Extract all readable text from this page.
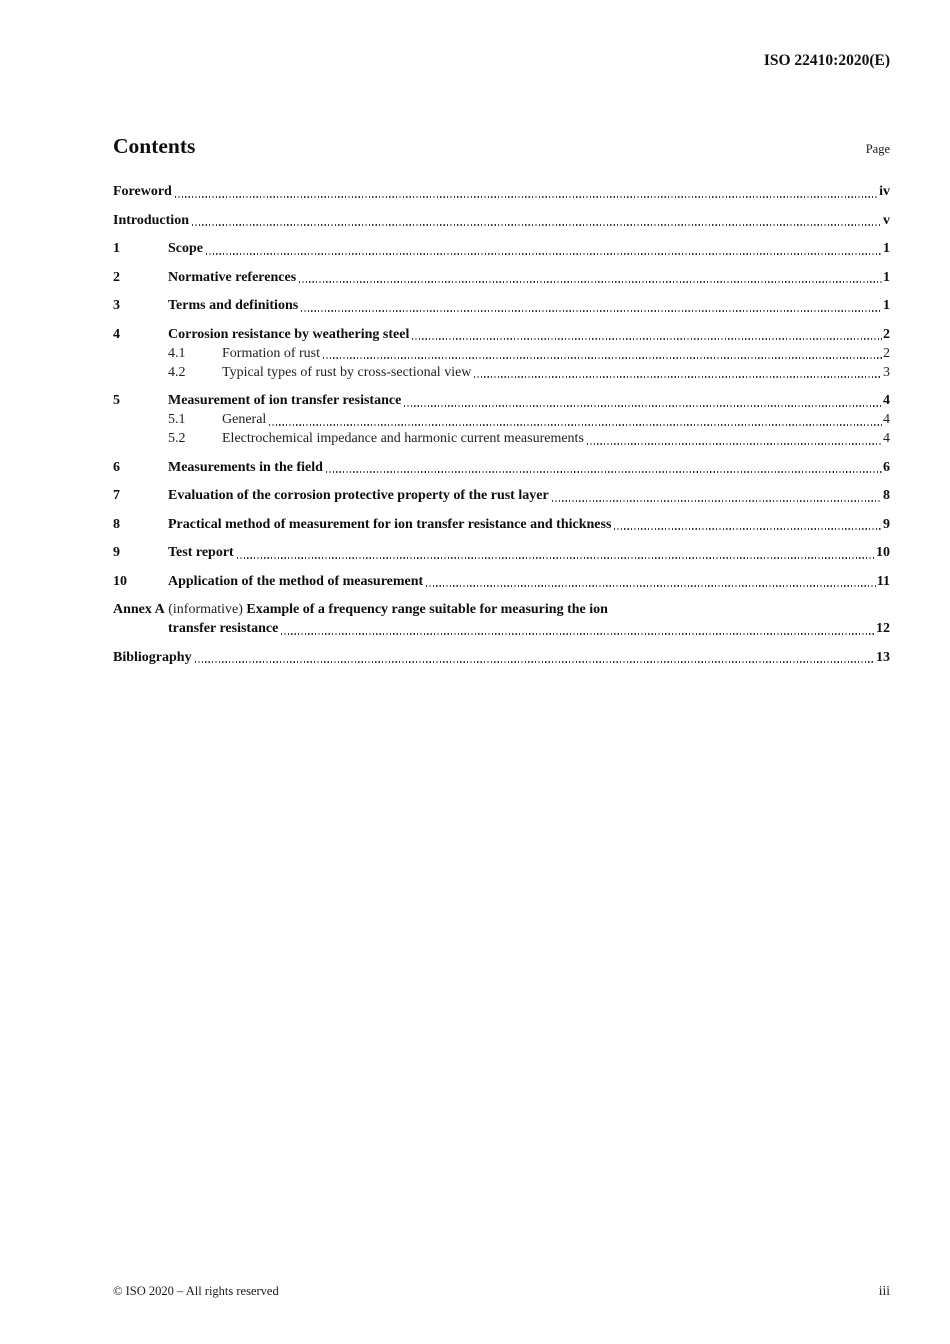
ISO 22410:2020(E)
Contents	Page
Foreword	iv
Introduction	v
1	Scope	1
2	Normative references	1
3	Terms and definitions	1
4	Corrosion resistance by weathering steel	2
4.1	Formation of rust	2
4.2	Typical types of rust by cross-sectional view	3
5	Measurement of ion transfer resistance	4
5.1	General	4
5.2	Electrochemical impedance and harmonic current measurements	4
6	Measurements in the field	6
7	Evaluation of the corrosion protective property of the rust layer	8
8	Practical method of measurement for ion transfer resistance and thickness	9
9	Test report	10
10	Application of the method of measurement	11
Annex A (informative) Example of a frequency range suitable for measuring the ion
transfer resistance	12
Bibliography	13
© ISO 2020 – All rights reserved	iii
